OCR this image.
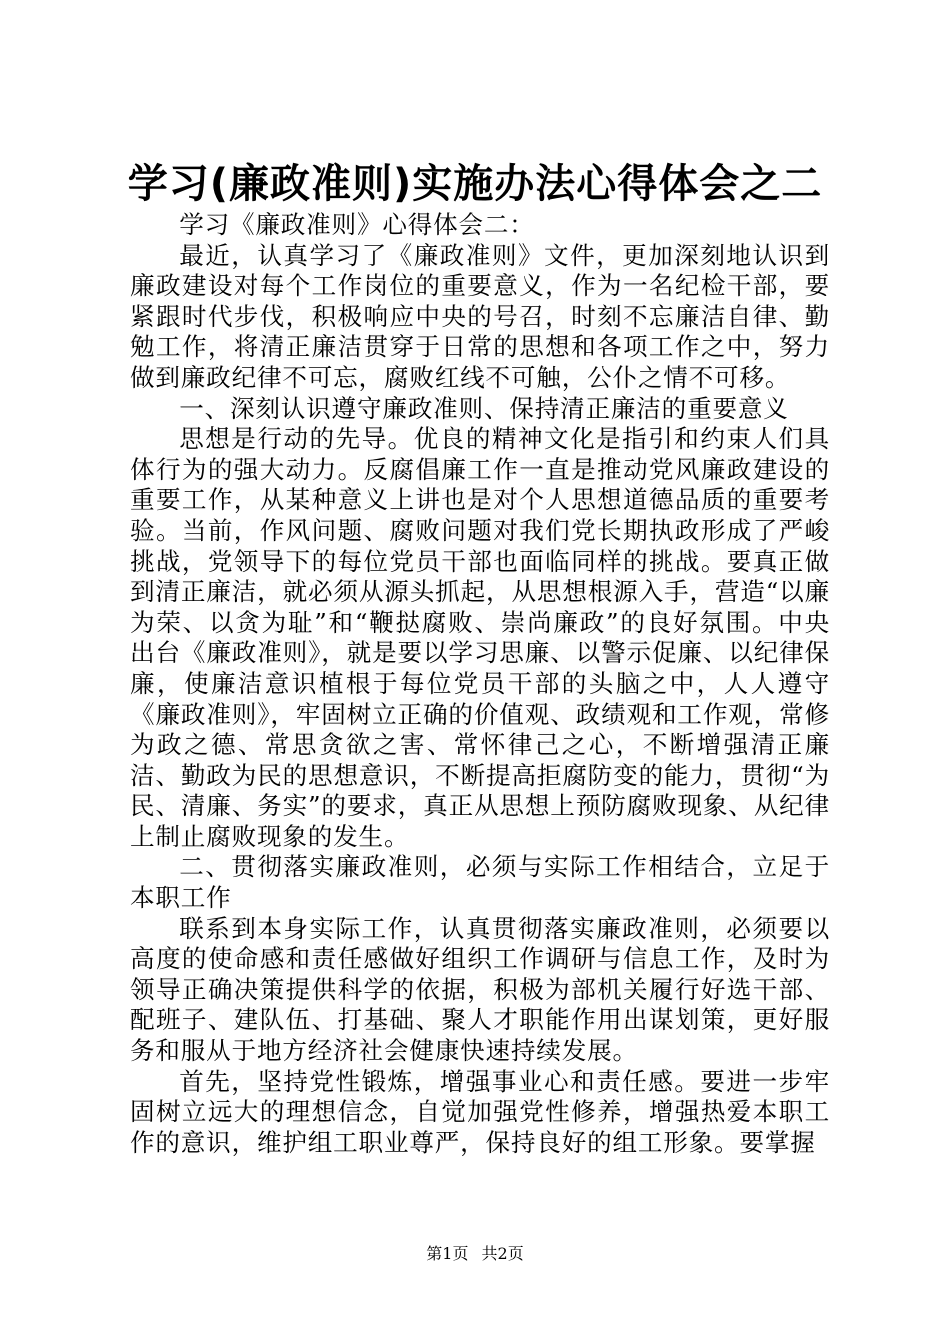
学习(廉政准则)实施办法心得体会之二

学习《廉政准则》心得体会二：

最近，认真学习了《廉政准则》文件，更加深刻地认识到廉政建设对每个工作岗位的重要意义，作为一名纪检干部，要紧跟时代步伐，积极响应中央的号召，时刻不忘廉洁自律、勤勉工作，将清正廉洁贯穿于日常的思想和各项工作之中，努力做到廉政纪律不可忘，腐败红线不可触，公仆之情不可移。

一、深刻认识遵守廉政准则、保持清正廉洁的重要意义

思想是行动的先导。优良的精神文化是指引和约束人们具体行为的强大动力。反腐倡廉工作一直是推动党风廉政建设的重要工作，从某种意义上讲也是对个人思想道德品质的重要考验。当前，作风问题、腐败问题对我们党长期执政形成了严峻挑战，党领导下的每位党员干部也面临同样的挑战。要真正做到清正廉洁，就必须从源头抓起，从思想根源入手，营造“以廉为荣、以贪为耻”和“鞭挞腐败、崇尚廉政”的良好氛围。中央出台《廉政准则》，就是要以学习思廉、以警示促廉、以纪律保廉，使廉洁意识植根于每位党员干部的头脑之中，人人遵守《廉政准则》，牢固树立正确的价值观、政绩观和工作观，常修为政之德、常思贪欲之害、常怀律己之心，不断增强清正廉洁、勤政为民的思想意识，不断提高拒腐防变的能力，贯彻“为民、清廉、务实”的要求，真正从思想上预防腐败现象、从纪律上制止腐败现象的发生。

二、贯彻落实廉政准则，必须与实际工作相结合，立足于本职工作

联系到本身实际工作，认真贯彻落实廉政准则，必须要以高度的使命感和责任感做好组织工作调研与信息工作，及时为领导正确决策提供科学的依据，积极为部机关履行好选干部、配班子、建队伍、打基础、聚人才职能作用出谋划策，更好服务和服从于地方经济社会健康快速持续发展。

首先，坚持党性锻炼，增强事业心和责任感。要进一步牢固树立远大的理想信念，自觉加强党性修养，增强热爱本职工作的意识，维护组工职业尊严，保持良好的组工形象。要掌握

第1页 共2页
